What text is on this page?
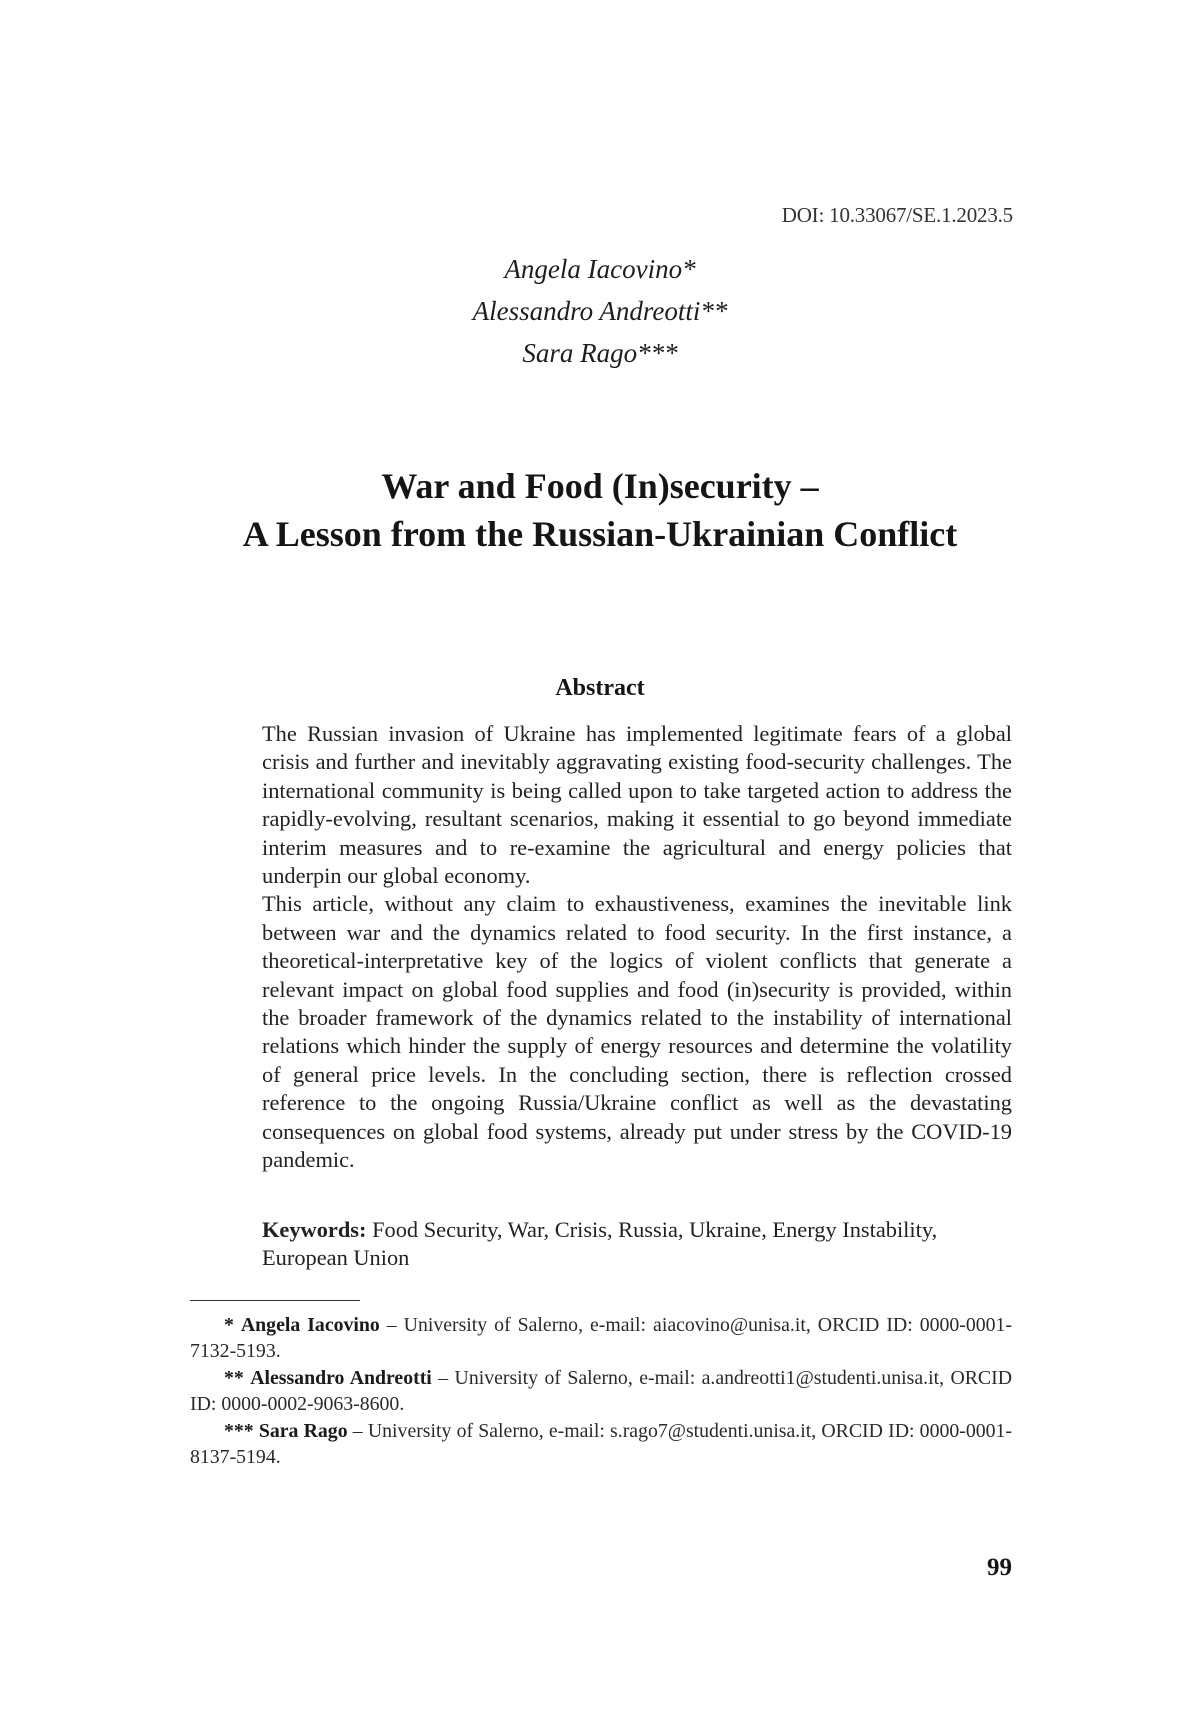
DOI: 10.33067/SE.1.2023.5
Angela Iacovino*
Alessandro Andreotti**
Sara Rago***
War and Food (In)security –
A Lesson from the Russian-Ukrainian Conflict
Abstract

The Russian invasion of Ukraine has implemented legitimate fears of a global crisis and further and inevitably aggravating existing food-security challenges. The international community is being called upon to take targeted action to address the rapidly-evolving, resultant scenarios, making it essential to go beyond immediate interim measures and to re-examine the agricultural and energy policies that underpin our global economy.

This article, without any claim to exhaustiveness, examines the inevitable link between war and the dynamics related to food security. In the first instance, a theoretical-interpretative key of the logics of violent conflicts that generate a relevant impact on global food supplies and food (in)security is provided, within the broader framework of the dynamics related to the instability of international relations which hinder the supply of energy resources and determine the volatility of general price levels. In the concluding section, there is reflection crossed reference to the ongoing Russia/Ukraine conflict as well as the devastating consequences on global food systems, already put under stress by the COVID-19 pandemic.

Keywords: Food Security, War, Crisis, Russia, Ukraine, Energy Instability, European Union

* Angela Iacovino – University of Salerno, e-mail: aiacovino@unisa.it, ORCID ID: 0000-0001-7132-5193.

** Alessandro Andreotti – University of Salerno, e-mail: a.andreotti1@studenti.unisa.it, ORCID ID: 0000-0002-9063-8600.

*** Sara Rago – University of Salerno, e-mail: s.rago7@studenti.unisa.it, ORCID ID: 0000-0001-8137-5194.

99
